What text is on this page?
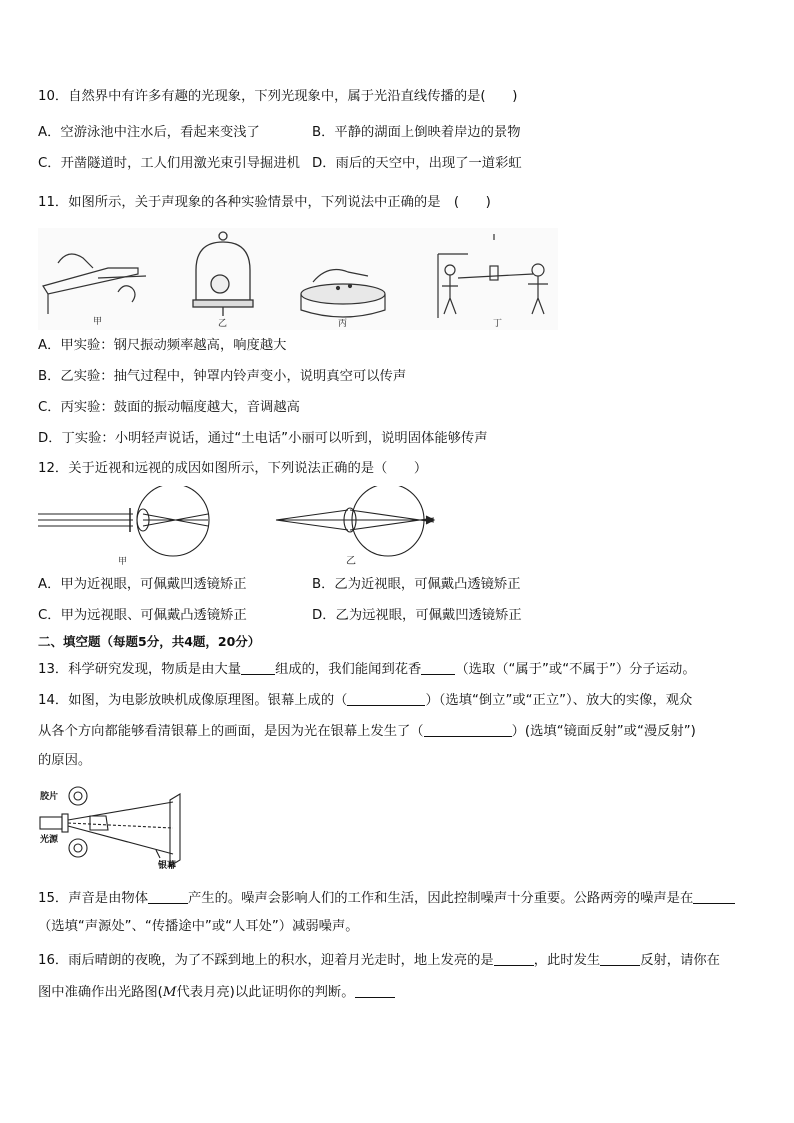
10．自然界中有许多有趣的光现象，下列光现象中，属于光沿直线传播的是(　　)
A．空游泳池中注水后，看起来变浅了	B．平静的湖面上倒映着岸边的景物
C．开凿隧道时，工人们用激光束引导掘进机 D．雨后的天空中，出现了一道彩虹
11．如图所示，关于声现象的各种实验情景中，下列说法中正确的是　(　　)
甲	乙	丙	丁
A．甲实验：钢尺振动频率越高，响度越大
B．乙实验：抽气过程中，钟罩内铃声变小，说明真空可以传声
C．丙实验：鼓面的振动幅度越大，音调越高
D．丁实验：小明轻声说话，通过“土电话”小丽可以听到，说明固体能够传声
12．关于近视和远视的成因如图所示，下列说法正确的是（　　）
甲	乙
A．甲为近视眼，可佩戴凹透镜矫正	B．乙为近视眼，可佩戴凸透镜矫正
C．甲为远视眼、可佩戴凸透镜矫正	D．乙为远视眼，可佩戴凹透镜矫正
二、填空题（每题5分，共4题，20分）
13．科学研究发现，物质是由大量	组成的，我们能闻到花香	（选取（“属于”或“不属于”）分子运动。
14．如图，为电影放映机成像原理图。银幕上成的（	）（选填“倒立”或“正立”）、放大的实像，观众
从各个方向都能够看清银幕上的画面，是因为光在银幕上发生了（	）(选填“镜面反射”或“漫反射”)
的原因。
胶片
光源
银幕
15．声音是由物体	产生的。噪声会影响人们的工作和生活，因此控制噪声十分重要。公路两旁的噪声是在
（选填“声源处”、“传播途中”或“人耳处”）减弱噪声。
16．雨后晴朗的夜晚，为了不踩到地上的积水，迎着月光走时，地上发亮的是	，此时发生	反射，请你在
图中准确作出光路图(M代表月亮)以此证明你的判断。
